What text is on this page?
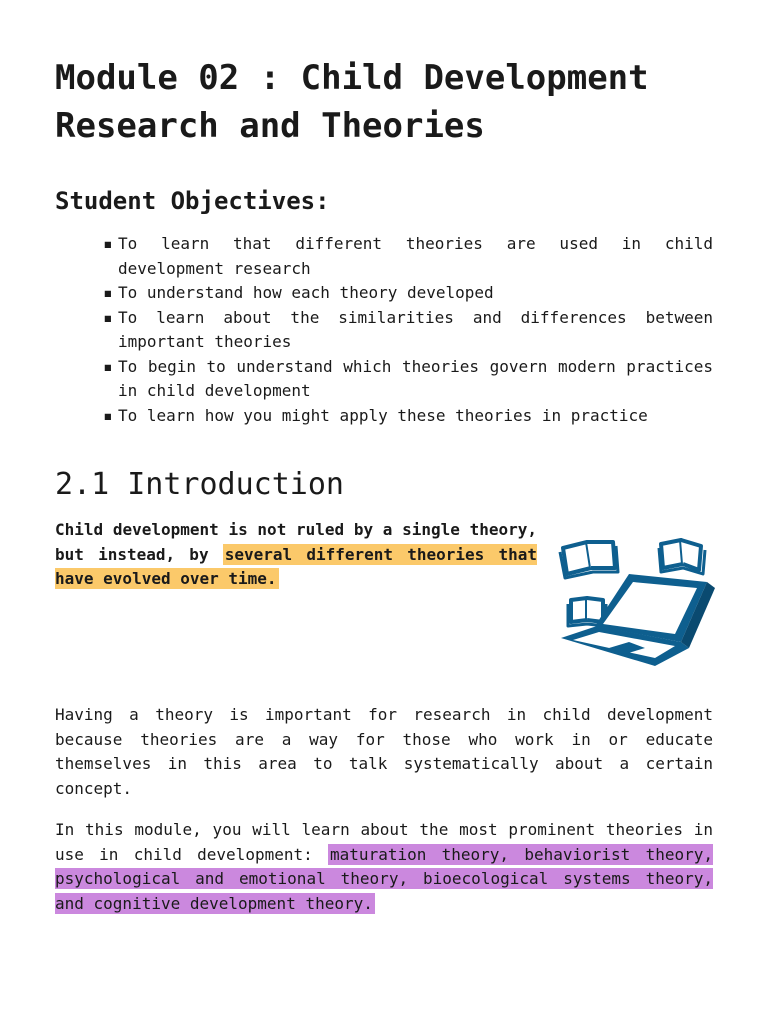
Module 02 : Child Development Research and Theories
Student Objectives:
▪ To learn that different theories are used in child development research
▪ To understand how each theory developed
▪ To learn about the similarities and differences between important theories
▪ To begin to understand which theories govern modern practices in child development
▪ To learn how you might apply these theories in practice
2.1 Introduction

Child development is not ruled by a single theory, but instead, by several different theories that have evolved over time.

Having a theory is important for research in child development because theories are a way for those who work in or educate themselves in this area to talk systematically about a certain concept.

In this module, you will learn about the most prominent theories in use in child development: maturation theory, behaviorist theory, psychological and emotional theory, bioecological systems theory, and cognitive development theory.
